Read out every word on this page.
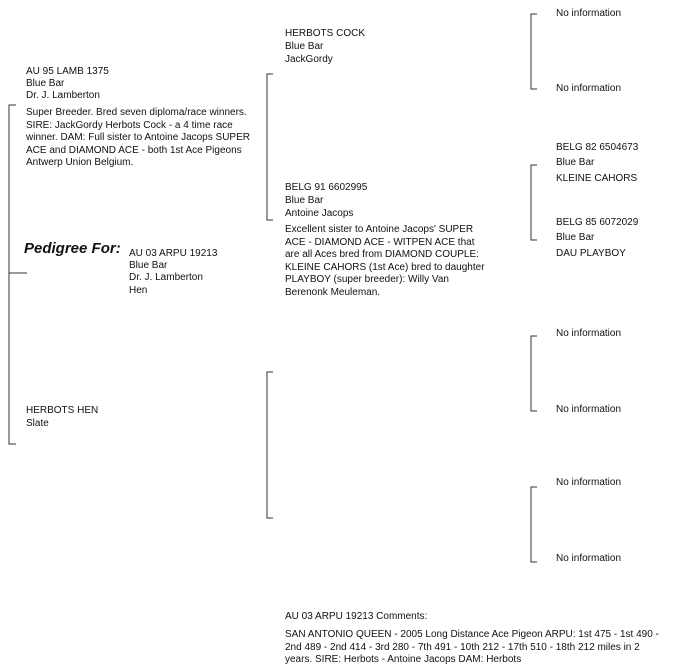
Pedigree For: AU 03 ARPU 19213
Blue Bar
Dr. J. Lamberton
Hen
AU 95 LAMB 1375
Blue Bar
Dr. J. Lamberton
Super Breeder. Bred seven diploma/race winners. SIRE: JackGordy Herbots Cock - a 4 time race winner. DAM: Full sister to Antoine Jacops SUPER ACE and DIAMOND ACE - both 1st Ace Pigeons Antwerp Union Belgium.
HERBOTS HEN
Slate
HERBOTS COCK
Blue Bar
JackGordy
BELG 91 6602995
Blue Bar
Antoine Jacops
Excellent sister to Antoine Jacops' SUPER ACE - DIAMOND ACE - WITPEN ACE that are all Aces bred from DIAMOND COUPLE: KLEINE CAHORS (1st Ace) bred to daughter PLAYBOY (super breeder): Willy Van Berenonk Meuleman.
No information
No information
BELG 82 6504673
Blue Bar
KLEINE CAHORS
BELG 85 6072029
Blue Bar
DAU PLAYBOY
No information
No information
No information
No information
AU 03 ARPU 19213 Comments:
SAN ANTONIO QUEEN - 2005 Long Distance Ace Pigeon ARPU: 1st 475 - 1st 490 - 2nd 489 - 2nd 414 - 3rd 280 - 7th 491 - 10th 212 - 17th 510 - 18th 212 miles in 2 years. SIRE: Herbots - Antoine Jacops DAM: Herbots
